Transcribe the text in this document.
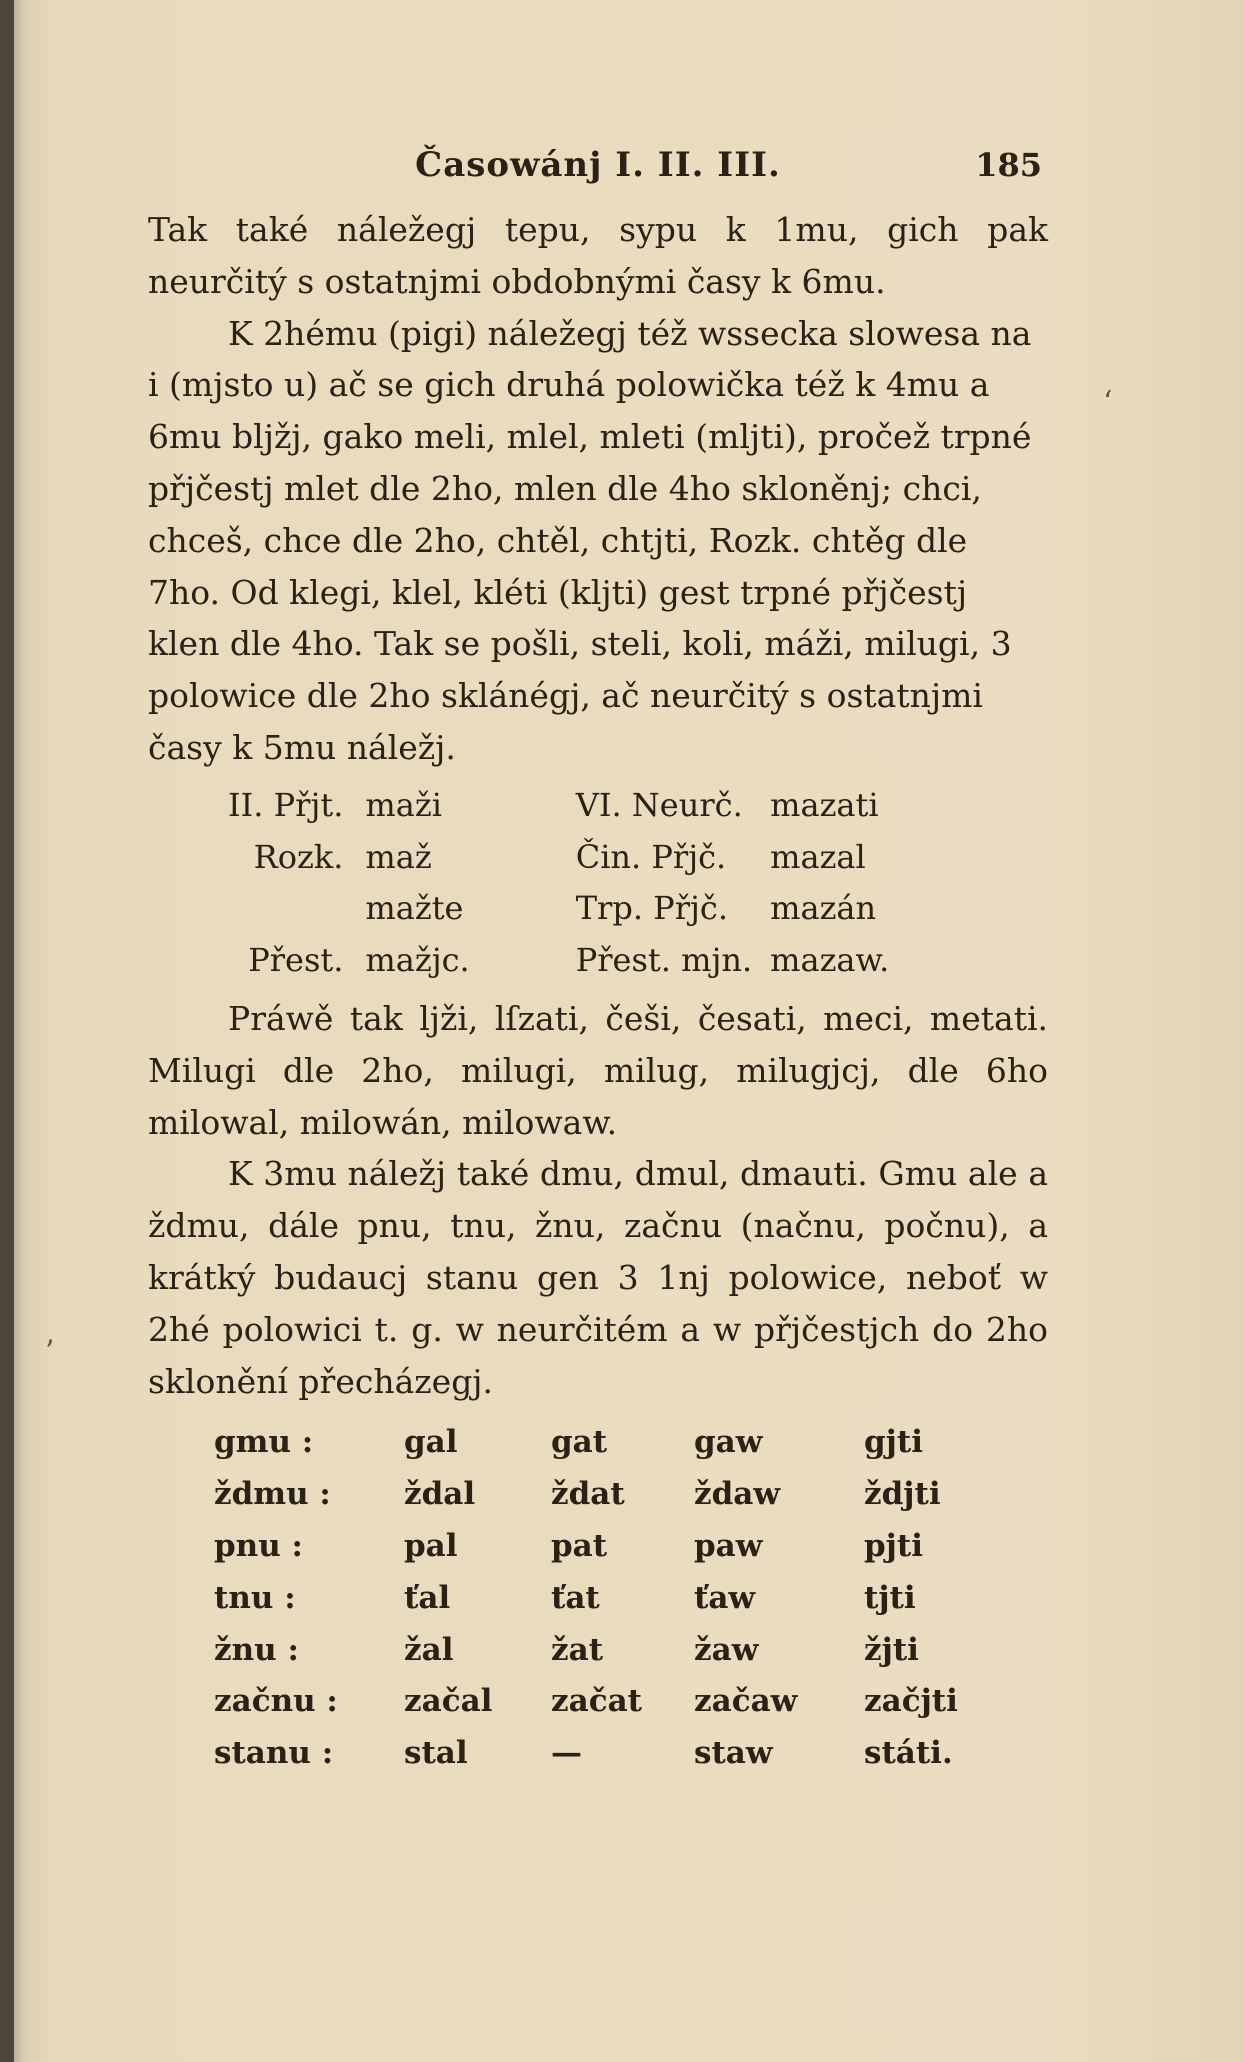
ʻ
ʼ
Časowánj I. II. III.	185

Tak také náležegj tepu, sypu k 1mu, gich pak neurčitý s ostatnjmi obdobnými časy k 6mu.

K 2hému (pigi) náležegj též wssecka slowesa na i (mjsto u) ač se gich druhá polowička též k 4mu a 6mu bljžj, gako meli, mlel, mleti (mljti), pročež trpné přjčestj mlet dle 2ho, mlen dle 4ho skloněnj; chci, chceš, chce dle 2ho, chtěl, chtjti, Rozk. chtěg dle 7ho. Od klegi, klel, kléti (kljti) gest trpné přjčestj klen dle 4ho. Tak se pošli, steli, koli, máži, milugi, 3 polowice dle 2ho sklánégj, ač neurčitý s ostatnjmi časy k 5mu náležj.

II. Přjt.	maži		VI. Neurč.	mazati
Rozk.	maž		Čin. Přjč.	mazal
	mažte		Trp. Přjč.	mazán
Přest.	mažjc.		Přest. mjn.	mazaw.

Práwě tak ljži, lſzati, češi, česati, meci, metati. Milugi dle 2ho, milugi, milug, milugjcj, dle 6ho milowal, milowán, milowaw.

K 3mu náležj také dmu, dmul, dmauti. Gmu ale a ždmu, dále pnu, tnu, žnu, začnu (načnu, počnu), a krátký budaucj stanu gen 3 1nj polowice, neboť w 2hé polowici t. g. w neurčitém a w přjčestjch do 2ho sklonění přecházegj.

gmu :	gal	gat	gaw	gjti
ždmu :	ždal	ždat	ždaw	ždjti
pnu :	pal	pat	paw	pjti
tnu :	ťal	ťat	ťaw	tjti
žnu :	žal	žat	žaw	žjti
začnu :	začal	začat	začaw	začjti
stanu :	stal	—	staw	státi.
